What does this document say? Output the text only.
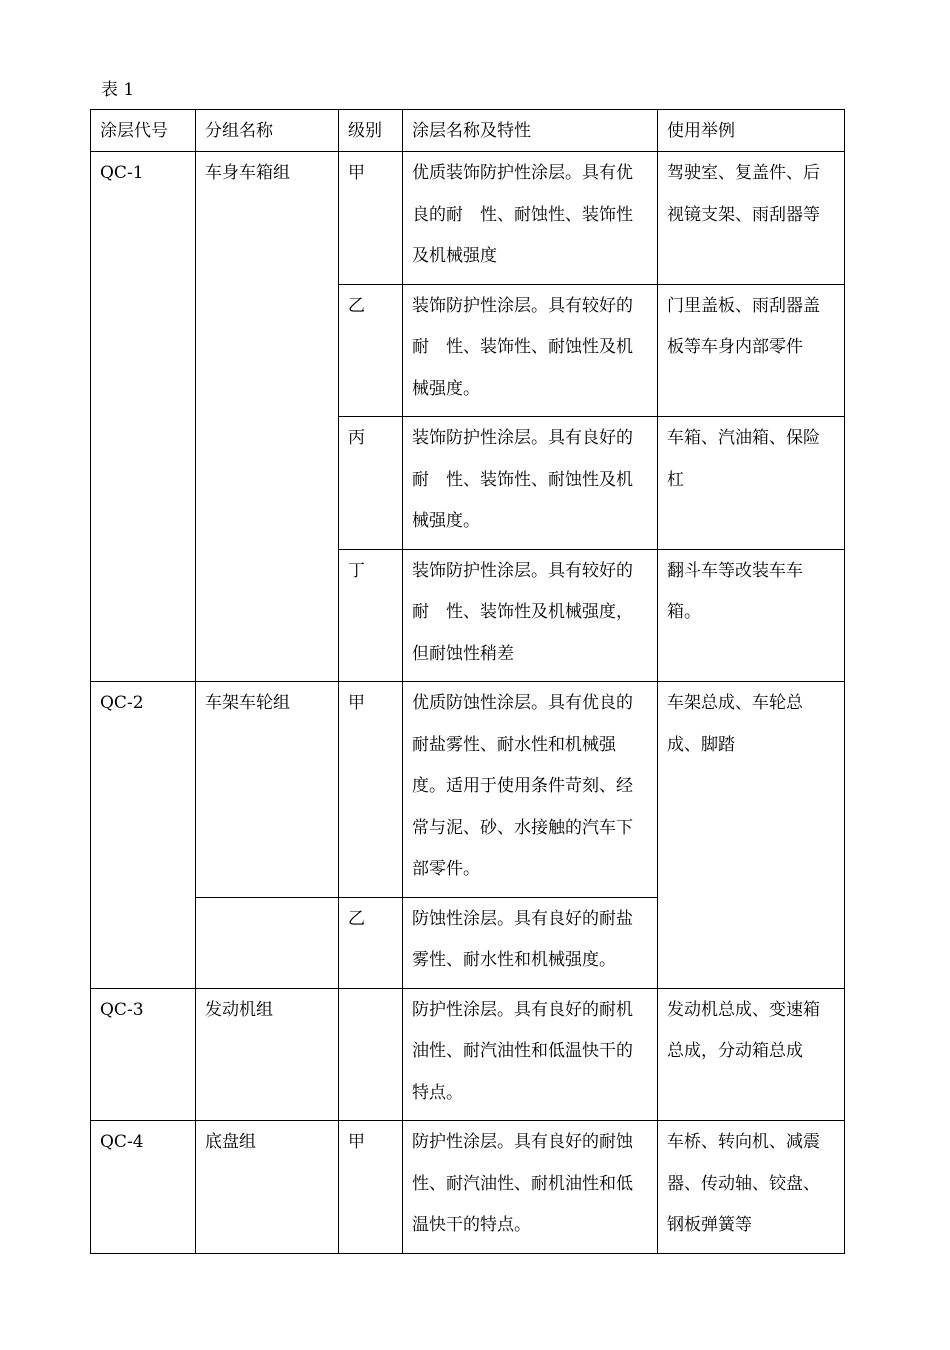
表 1
涂层代号	分组名称	级别	涂层名称及特性	使用举例

QC-1	车身车箱组	甲	优质装饰防护性涂层。具有优良的耐　性、耐蚀性、装饰性及机械强度	驾驶室、复盖件、后视镜支架、雨刮器等

		乙	装饰防护性涂层。具有较好的耐　性、装饰性、耐蚀性及机械强度。	门里盖板、雨刮器盖板等车身内部零件

		丙	装饰防护性涂层。具有良好的耐　性、装饰性、耐蚀性及机械强度。	车箱、汽油箱、保险杠

		丁	装饰防护性涂层。具有较好的耐　性、装饰性及机械强度，但耐蚀性稍差	翻斗车等改装车车箱。

QC-2	车架车轮组	甲	优质防蚀性涂层。具有优良的耐盐雾性、耐水性和机械强度。适用于使用条件苛刻、经常与泥、砂、水接触的汽车下部零件。	车架总成、车轮总成、脚踏

		乙	防蚀性涂层。具有良好的耐盐雾性、耐水性和机械强度。	

QC-3	发动机组		防护性涂层。具有良好的耐机油性、耐汽油性和低温快干的特点。	发动机总成、变速箱总成，分动箱总成

QC-4	底盘组	甲	防护性涂层。具有良好的耐蚀性、耐汽油性、耐机油性和低温快干的特点。	车桥、转向机、减震器、传动轴、铰盘、钢板弹簧等
